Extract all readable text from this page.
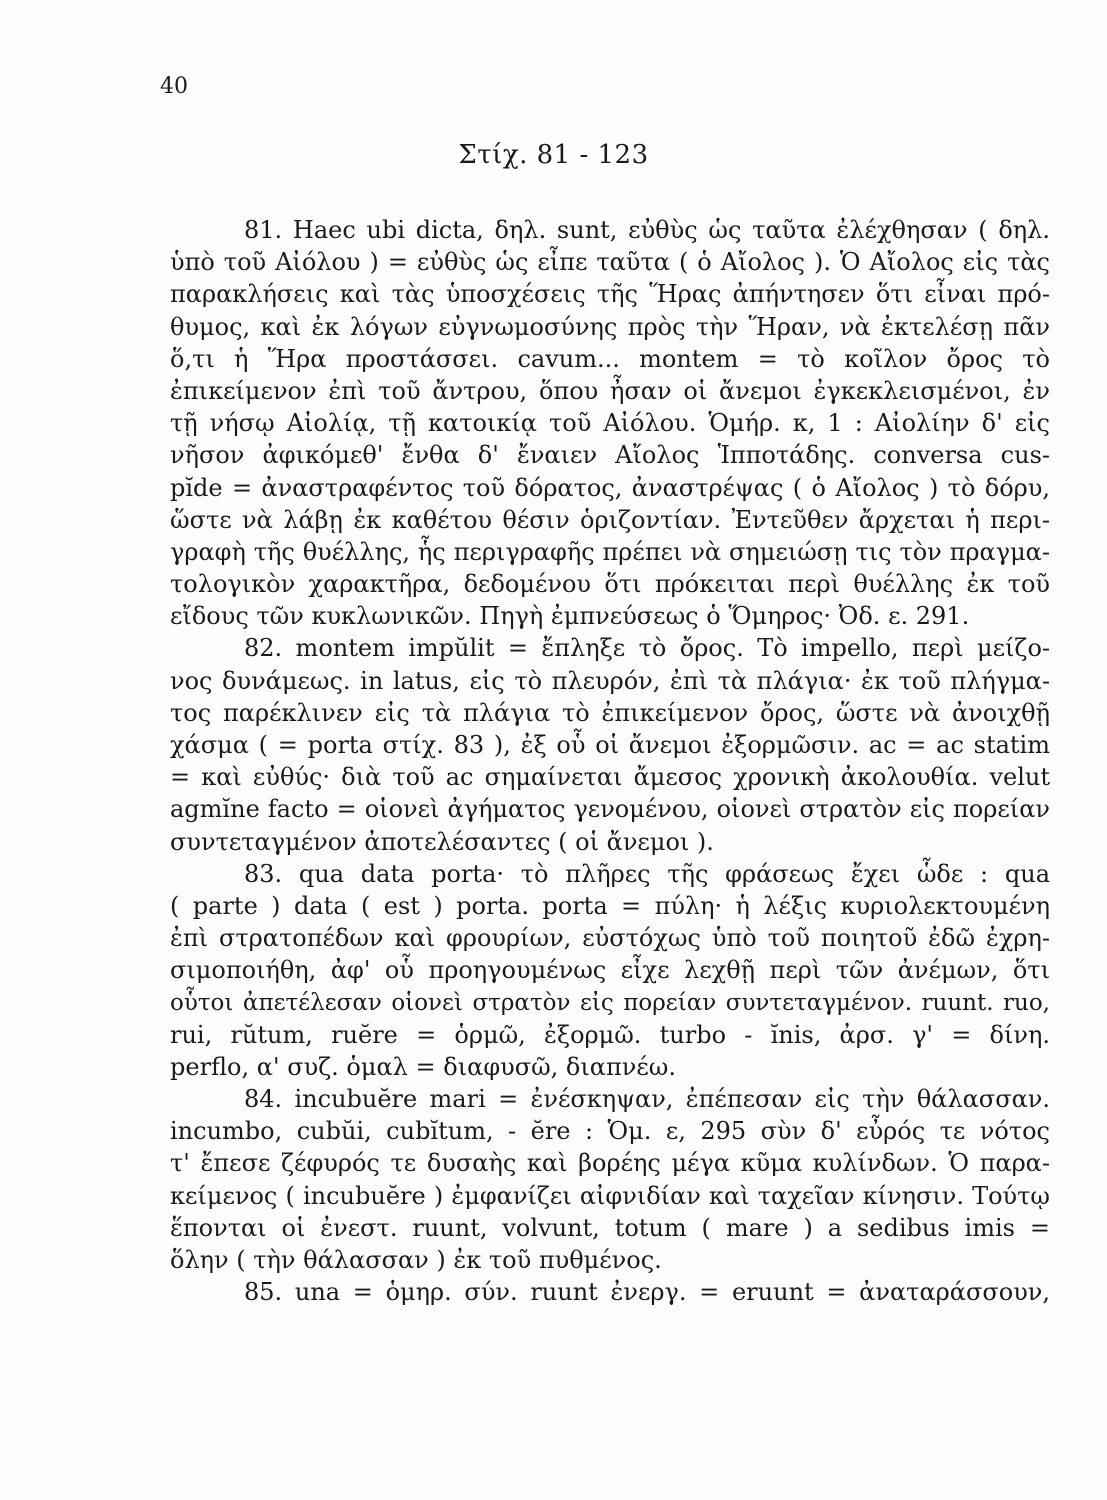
40
Στίχ. 81 - 123
81. Haec ubi dicta, δηλ. sunt, εὐθὺς ὡς ταῦτα ἐλέχθησαν ( δηλ.
ὑπὸ τοῦ Αἰόλου ) = εὐθὺς ὡς εἶπε ταῦτα ( ὁ Αἴολος ). Ὁ Αἴολος εἰς τὰς
παρακλήσεις καὶ τὰς ὑποσχέσεις τῆς Ἥρας ἀπήντησεν ὅτι εἶναι πρό-
θυμος, καὶ ἐκ λόγων εὐγνωμοσύνης πρὸς τὴν Ἥραν, νὰ ἐκτελέσῃ πᾶν
ὅ,τι ἡ Ἥρα προστάσσει. cavum... montem = τὸ κοῖλον ὄρος τὸ
ἐπικείμενον ἐπὶ τοῦ ἄντρου, ὅπου ἦσαν οἱ ἄνεμοι ἐγκεκλεισμένοι, ἐν
τῇ νήσῳ Αἰολίᾳ, τῇ κατοικίᾳ τοῦ Αἰόλου. Ὁμήρ. κ, 1 : Αἰολίην δ' εἰς
νῆσον ἀφικόμεθ' ἔνθα δ' ἔναιεν Αἴολος Ἱπποτάδης. conversa cus-
pĭde = ἀναστραφέντος τοῦ δόρατος, ἀναστρέψας ( ὁ Αἴολος ) τὸ δόρυ,
ὥστε νὰ λάβῃ ἐκ καθέτου θέσιν ὁριζοντίαν. Ἐντεῦθεν ἄρχεται ἡ περι-
γραφὴ τῆς θυέλλης, ἧς περιγραφῆς πρέπει νὰ σημειώσῃ τις τὸν πραγμα-
τολογικὸν χαρακτῆρα, δεδομένου ὅτι πρόκειται περὶ θυέλλης ἐκ τοῦ
εἴδους τῶν κυκλωνικῶν. Πηγὴ ἐμπνεύσεως ὁ Ὅμηρος· Ὀδ. ε. 291.
82. montem impŭlit = ἔπληξε τὸ ὄρος. Τὸ impello, περὶ μείζο-
νος δυνάμεως. in latus, εἰς τὸ πλευρόν, ἐπὶ τὰ πλάγια· ἐκ τοῦ πλήγμα-
τος παρέκλινεν εἰς τὰ πλάγια τὸ ἐπικείμενον ὄρος, ὥστε νὰ ἀνοιχθῇ
χάσμα ( = porta στίχ. 83 ), ἐξ οὗ οἱ ἄνεμοι ἐξορμῶσιν. ac = ac statim
= καὶ εὐθύς· διὰ τοῦ ac σημαίνεται ἄμεσος χρονικὴ ἀκολουθία. velut
agmĭne facto = οἱονεὶ ἀγήματος γενομένου, οἱονεὶ στρατὸν εἰς πορείαν
συντεταγμένον ἀποτελέσαντες ( οἱ ἄνεμοι ).
83. qua data porta· τὸ πλῆρες τῆς φράσεως ἔχει ὧδε : qua
( parte ) data ( est ) porta. porta = πύλη· ἡ λέξις κυριολεκτουμένη
ἐπὶ στρατοπέδων καὶ φρουρίων, εὐστόχως ὑπὸ τοῦ ποιητοῦ ἐδῶ ἐχρη-
σιμοποιήθη, ἀφ' οὗ προηγουμένως εἶχε λεχθῇ περὶ τῶν ἀνέμων, ὅτι
οὗτοι ἀπετέλεσαν οἱονεὶ στρατὸν εἰς πορείαν συντεταγμένον. ruunt. ruo,
rui, rŭtum, ruĕre = ὁρμῶ, ἐξορμῶ. turbo - ĭnis, ἀρσ. γ' = δίνη.
perflo, α' συζ. ὁμαλ = διαφυσῶ, διαπνέω.
84. incubuĕre mari = ἐνέσκηψαν, ἐπέπεσαν εἰς τὴν θάλασσαν.
incumbo, cubŭi, cubĭtum, - ĕre : Ὁμ. ε, 295 σὺν δ' εὖρός τε νότος
τ' ἔπεσε ζέφυρός τε δυσαὴς καὶ βορέης μέγα κῦμα κυλίνδων. Ὁ παρα-
κείμενος ( incubuĕre ) ἐμφανίζει αἰφνιδίαν καὶ ταχεῖαν κίνησιν. Τούτῳ
ἕπονται οἱ ἐνεστ. ruunt, volvunt, totum ( mare ) a sedibus imis =
ὅλην ( τὴν θάλασσαν ) ἐκ τοῦ πυθμένος.
85. una = ὁμηρ. σύν. ruunt ἐνεργ. = eruunt = ἀναταράσσουν,
